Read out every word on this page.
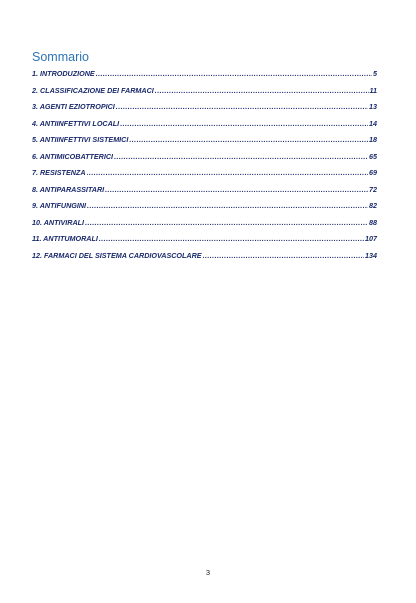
Sommario
1. INTRODUZIONE .....	5
2. CLASSIFICAZIONE DEI FARMACI .....	11
3. AGENTI EZIOTROPICI .....	13
4. ANTIINFETTIVI LOCALI .....	14
5. ANTIINFETTIVI SISTEMICI .....	18
6. ANTIMICOBATTERICI .....	65
7. RESISTENZA .....	69
8. ANTIPARASSITARI .....	72
9. ANTIFUNGINI .....	82
10. ANTIVIRALI .....	88
11. ANTITUMORALI .....	107
12. FARMACI DEL SISTEMA CARDIOVASCOLARE .....	134
3
